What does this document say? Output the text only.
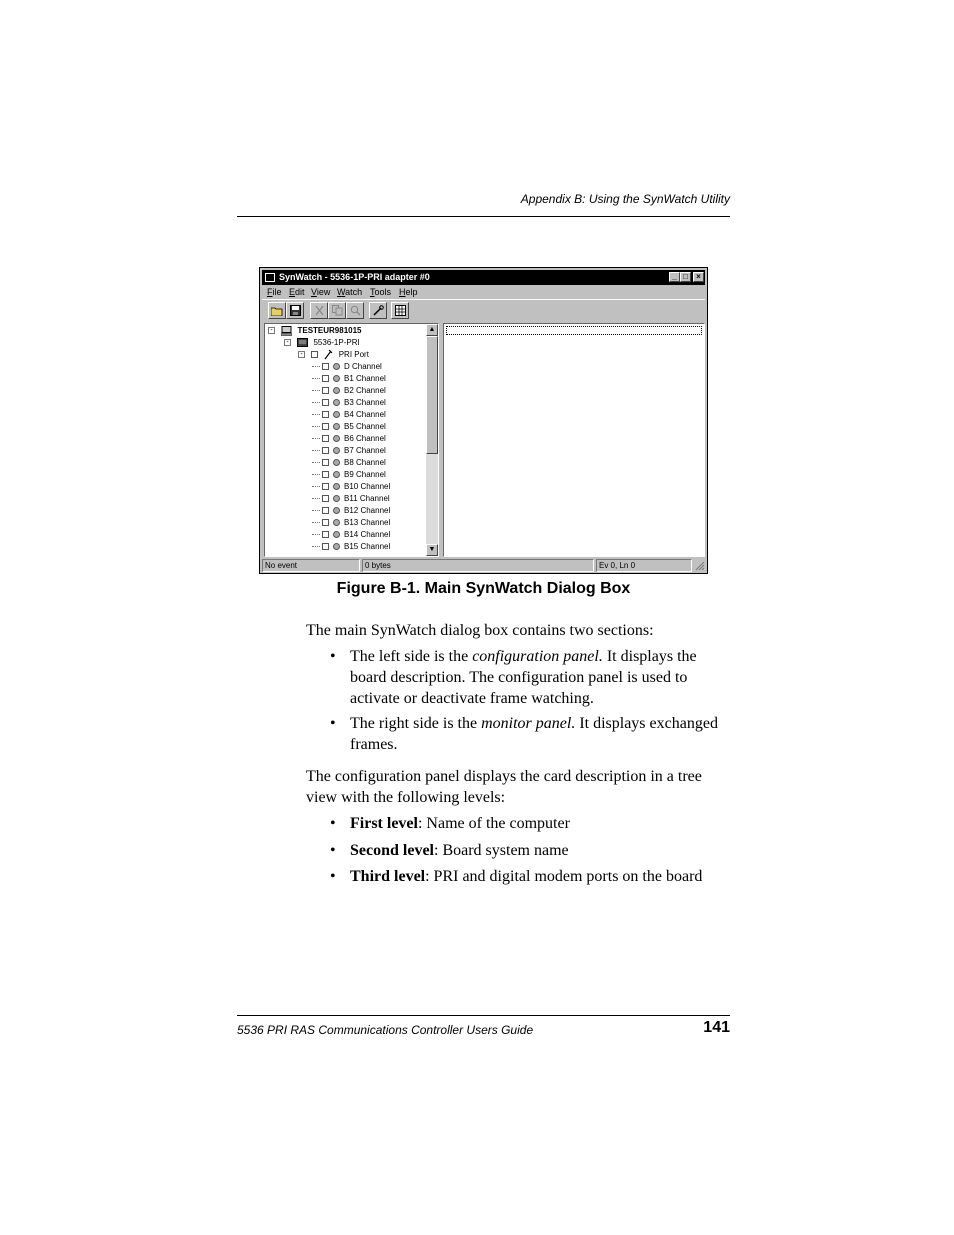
Appendix B: Using the SynWatch Utility
SynWatch - 5536-1P-PRI adapter #0	_ □	×
File Edit View Watch Tools Help
-	TESTEUR981015
-	5536-1P-PRI
-	PRI Port
D Channel
B1 Channel
B2 Channel
B3 Channel
B4 Channel
B5 Channel
B6 Channel
B7 Channel
B8 Channel
B9 Channel
B10 Channel
B11 Channel
B12 Channel
B13 Channel
B14 Channel
B15 Channel
▲
▼
No event	0 bytes	Ev 0, Ln 0
Figure B-1. Main SynWatch Dialog Box
The main SynWatch dialog box contains two sections:
• The left side is the configuration panel. It displays the board description. The configuration panel is used to activate or deactivate frame watching.
• The right side is the monitor panel. It displays exchanged frames.
The configuration panel displays the card description in a tree view with the following levels:
• First level: Name of the computer
• Second level: Board system name
• Third level: PRI and digital modem ports on the board
5536 PRI RAS Communications Controller Users Guide	141
